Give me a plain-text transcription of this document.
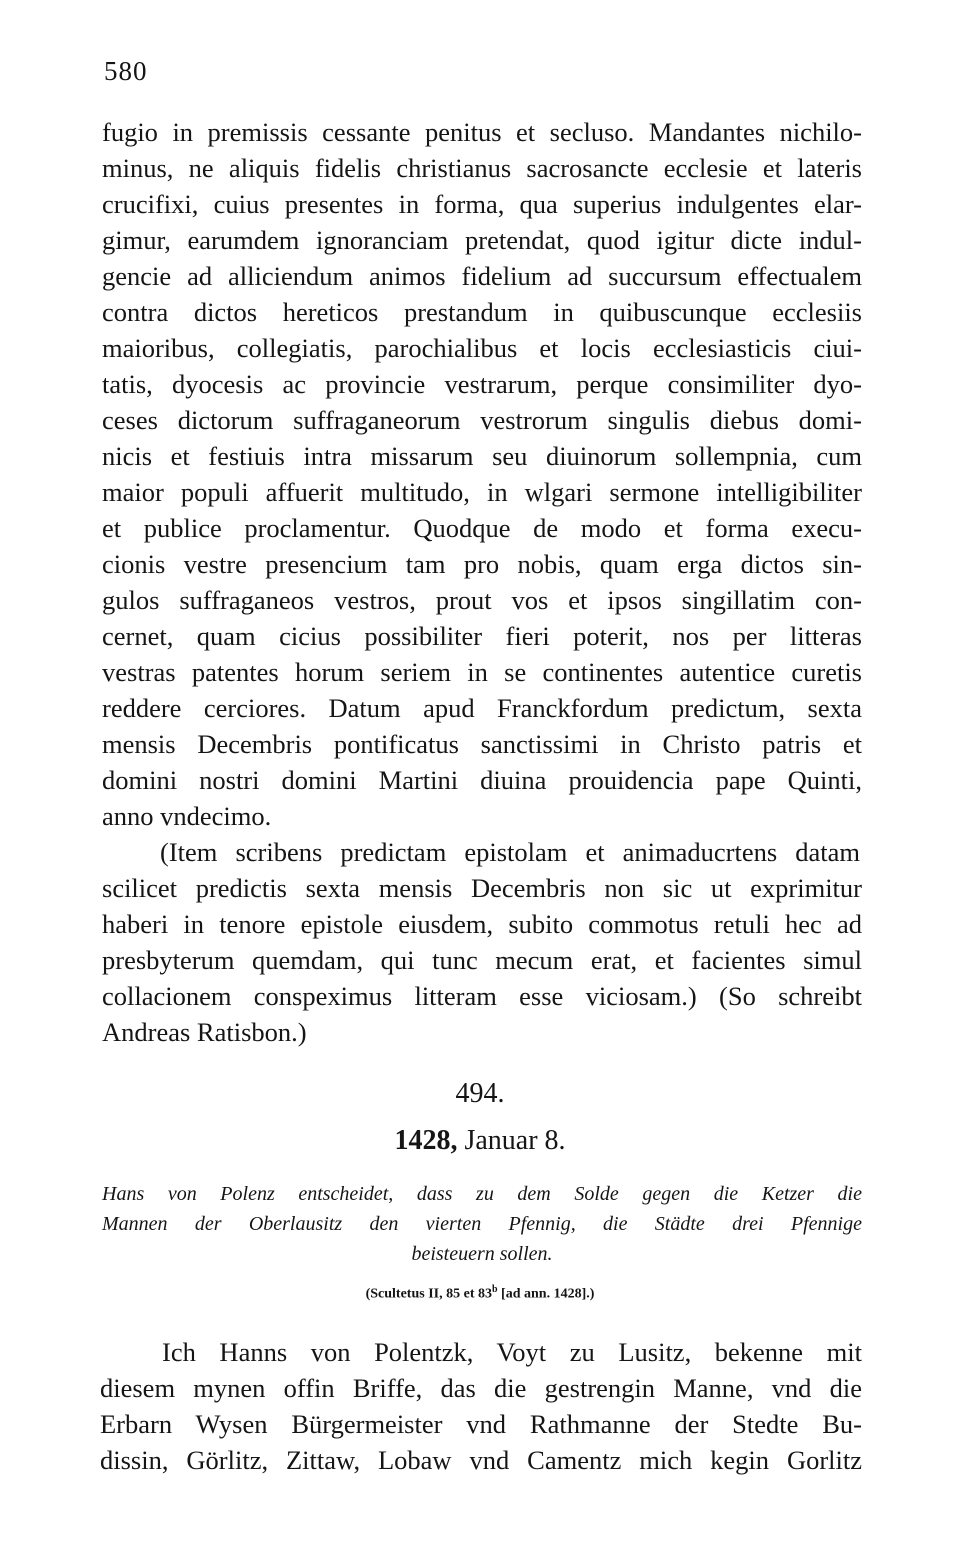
580
fugio in premissis cessante penitus et secluso. Mandantes nichilo-
minus, ne aliquis fidelis christianus sacrosancte ecclesie et lateris
crucifixi, cuius presentes in forma, qua superius indulgentes elar-
gimur, earumdem ignoranciam pretendat, quod igitur dicte indul-
gencie ad alliciendum animos fidelium ad succursum effectualem
contra dictos hereticos prestandum in quibuscunque ecclesiis
maioribus, collegiatis, parochialibus et locis ecclesiasticis ciui-
tatis, dyocesis ac provincie vestrarum, perque consimiliter dyo-
ceses dictorum suffraganeorum vestrorum singulis diebus domi-
nicis et festiuis intra missarum seu diuinorum sollempnia, cum
maior populi affuerit multitudo, in wlgari sermone intelligibiliter
et publice proclamentur. Quodque de modo et forma execu-
cionis vestre presencium tam pro nobis, quam erga dictos sin-
gulos suffraganeos vestros, prout vos et ipsos singillatim con-
cernet, quam cicius possibiliter fieri poterit, nos per litteras
vestras patentes horum seriem in se continentes autentice curetis
reddere cerciores. Datum apud Franckfordum predictum, sexta
mensis Decembris pontificatus sanctissimi in Christo patris et
domini nostri domini Martini diuina prouidencia pape Quinti,
anno vndecimo.
(Item scribens predictam epistolam et animaducrtens datam
scilicet predictis sexta mensis Decembris non sic ut exprimitur
haberi in tenore epistole eiusdem, subito commotus retuli hec ad
presbyterum quemdam, qui tunc mecum erat, et facientes simul
collacionem conspeximus litteram esse viciosam.) (So schreibt
Andreas Ratisbon.)
494.
1428, Januar 8.
Hans von Polenz entscheidet, dass zu dem Solde gegen die Ketzer die
Mannen der Oberlausitz den vierten Pfennig, die Städte drei Pfennige
beisteuern sollen.
(Scultetus II, 85 et 83$^b$ [ad ann. 1428].)
Ich Hanns von Polentzk, Voyt zu Lusitz, bekenne mit
diesem mynen offin Briffe, das die gestrengin Manne, vnd die
Erbarn Wysen Bürgermeister vnd Rathmanne der Stedte Bu-
dissin, Görlitz, Zittaw, Lobaw vnd Camentz mich kegin Gorlitz
